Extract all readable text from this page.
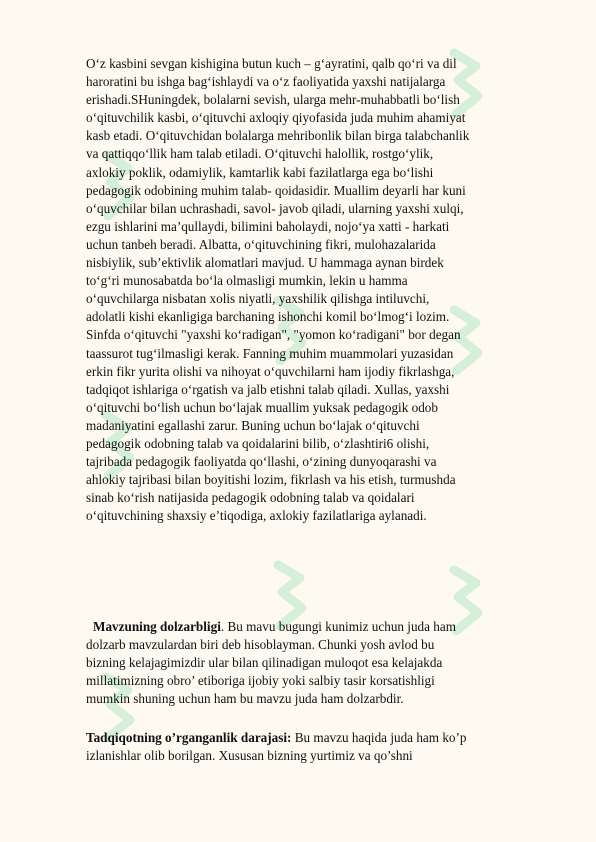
O‘z kasbini sevgan kishigina butun kuch – g‘ayratini, qalb qo‘ri va dil
haroratini bu ishga bag‘ishlaydi va o‘z faoliyatida yaxshi natijalarga
erishadi.SHuningdek, bolalarni sevish, ularga mehr-muhabbatli bo‘lish
o‘qituvchilik kasbi, o‘qituvchi axloqiy qiyofasida juda muhim ahamiyat
kasb etadi. O‘qituvchidan bolalarga mehribonlik bilan birga talabchanlik
va qattiqqo‘llik ham talab etiladi. O‘qituvchi halollik, rostgo‘ylik,
axlokiy poklik, odamiylik, kamtarlik kabi fazilatlarga ega bo‘lishi
pedagogik odobining muhim talab- qoidasidir. Muallim deyarli har kuni
o‘quvchilar bilan uchrashadi, savol- javob qiladi, ularning yaxshi xulqi,
ezgu ishlarini ma’qullaydi, bilimini baholaydi, nojo‘ya xatti - harkati
uchun tanbeh beradi. Albatta, o‘qituvchining fikri, mulohazalarida
nisbiylik, sub’ektivlik alomatlari mavjud. U hammaga aynan birdek
to‘g‘ri munosabatda bo‘la olmasligi mumkin, lekin u hamma
o‘quvchilarga nisbatan xolis niyatli, yaxshilik qilishga intiluvchi,
adolatli kishi ekanligiga barchaning ishonchi komil bo‘lmog‘i lozim.
Sinfda o‘qituvchi "yaxshi ko‘radigan", "yomon ko‘radigani" bor degan
taassurot tug‘ilmasligi kerak. Fanning muhim muammolari yuzasidan
erkin fikr yurita olishi va nihoyat o‘quvchilarni ham ijodiy fikrlashga,
tadqiqot ishlariga o‘rgatish va jalb etishni talab qiladi. Xullas, yaxshi
o‘qituvchi bo‘lish uchun bo‘lajak muallim yuksak pedagogik odob
madaniyatini egallashi zarur. Buning uchun bo‘lajak o‘qituvchi
pedagogik odobning talab va qoidalarini bilib, o‘zlashtiri6 olishi,
tajribada pedagogik faoliyatda qo‘llashi, o‘zining dunyoqarashi va
ahlokiy tajribasi bilan boyitishi lozim, fikrlash va his etish, turmushda
sinab ko‘rish natijasida pedagogik odobning talab va qoidalari
o‘qituvchining shaxsiy e’tiqodiga, axlokiy fazilatlariga aylanadi.
Mavzuning dolzarbligi. Bu mavu bugungi kunimiz uchun juda ham
dolzarb mavzulardan biri deb hisoblayman. Chunki yosh avlod bu
bizning kelajagimizdir ular bilan qilinadigan muloqot esa kelajakda
millatimizning obro’ etiboriga ijobiy yoki salbiy tasir korsatishligi
mumkin shuning uchun ham bu mavzu juda ham dolzarbdir.
Tadqiqotning o’rganganlik darajasi: Bu mavzu haqida juda ham ko’p
izlanishlar olib borilgan. Xususan bizning yurtimiz va qo’shni
